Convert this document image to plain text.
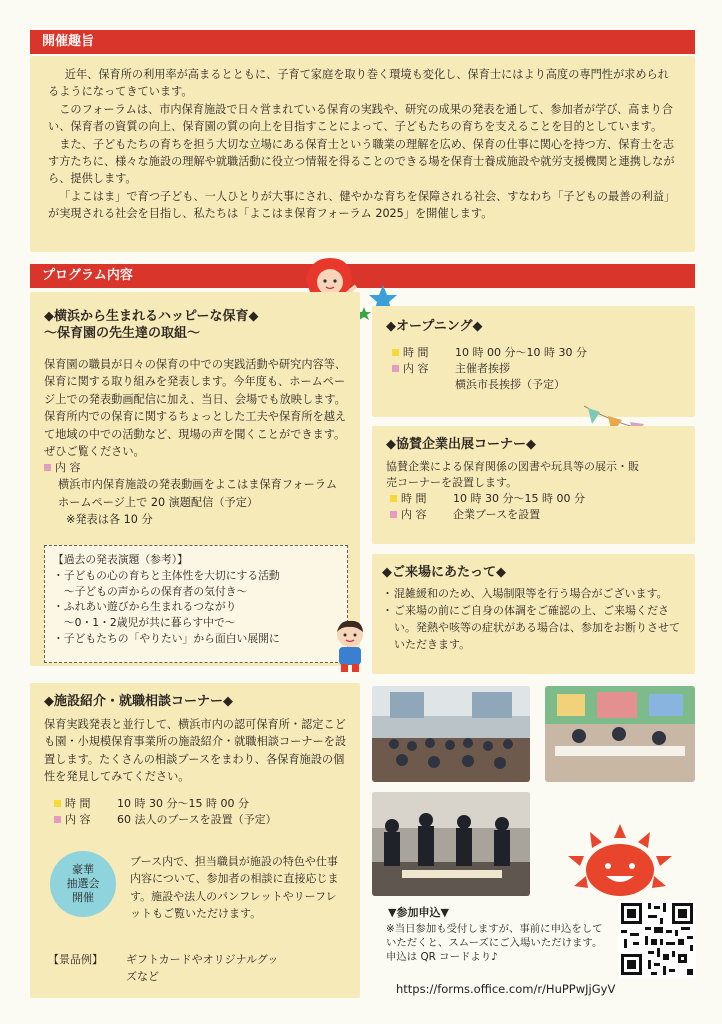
開催趣旨

近年、保育所の利用率が高まるとともに、子育て家庭を取り巻く環境も変化し、保育士にはより高度の専門性が求められるようになってきています。

このフォーラムは、市内保育施設で日々営まれている保育の実践や、研究の成果の発表を通して、参加者が学び、高まり合い、保育者の資質の向上、保育園の質の向上を目指すことによって、子どもたちの育ちを支えることを目的としています。

また、子どもたちの育ちを担う大切な立場にある保育士という職業の理解を広め、保育の仕事に関心を持つ方、保育士を志す方たちに、様々な施設の理解や就職活動に役立つ情報を得ることのできる場を保育士養成施設や就労支援機関と連携しながら、提供します。

「よこはま」で育つ子ども、一人ひとりが大事にされ、健やかな育ちを保障される社会、すなわち「子どもの最善の利益」が実現される社会を目指し、私たちは「よこはま保育フォーラム 2025」を開催します。

プログラム内容
◆横浜から生まれるハッピーな保育◆
～保育園の先生達の取組～

保育園の職員が日々の保育の中での実践活動や研究内容等、保育に関する取り組みを発表します。今年度も、ホームページ上での発表動画配信に加え、当日、会場でも放映します。保育所内での保育に関するちょっとした工夫や保育所を越えて地域の中での活動など、現場の声を聞くことができます。ぜひご覧ください。

内 容

横浜市内保育施設の発表動画をよこはま保育フォーラムホームページ上で 20 演題配信（予定）

※発表は各 10 分

【過去の発表演題（参考）】
・子どもの心の育ちと主体性を大切にする活動
　～子どもの声からの保育者の気付き～
・ふれあい遊びから生まれるつながり
　～0・1・2歳児が共に暮らす中で～
・子どもたちの「やりたい」から面白い展開に
◆オープニング◆
時 間	10 時 00 分～10 時 30 分
内 容	主催者挨拶
横浜市長挨拶（予定）
◆協賛企業出展コーナー◆

協賛企業による保育関係の図書や玩具等の展示・販売コーナーを設置します。

時 間	10 時 30 分～15 時 00 分
内 容	企業ブースを設置
◆ご来場にあたって◆
・ 混雑緩和のため、入場制限等を行う場合がございます。
・ ご来場の前にご自身の体調をご確認の上、ご来場ください。発熱や咳等の症状がある場合は、参加をお断りさせていただきます。
◆施設紹介・就職相談コーナー◆

保育実践発表と並行して、横浜市内の認可保育所・認定こども園・小規模保育事業所の施設紹介・就職相談コーナーを設置します。たくさんの相談ブースをまわり、各保育施設の個性を発見してみてください。

時 間	10 時 30 分～15 時 00 分
内 容	60 法人のブースを設置（予定）
豪華
抽選会
開催

ブース内で、担当職員が施設の特色や仕事内容について、参加者の相談に直接応じます。施設や法人のパンフレットやリーフレットもご覧いただけます。

【景品例】	ギフトカードやオリジナルグッ
ズなど
▼参加申込▼
※当日参加も受付しますが、事前に申込をしていただくと、スムーズにご入場いただけます。申込は QR コードより♪
https://forms.office.com/r/HuPPwJjGyV
